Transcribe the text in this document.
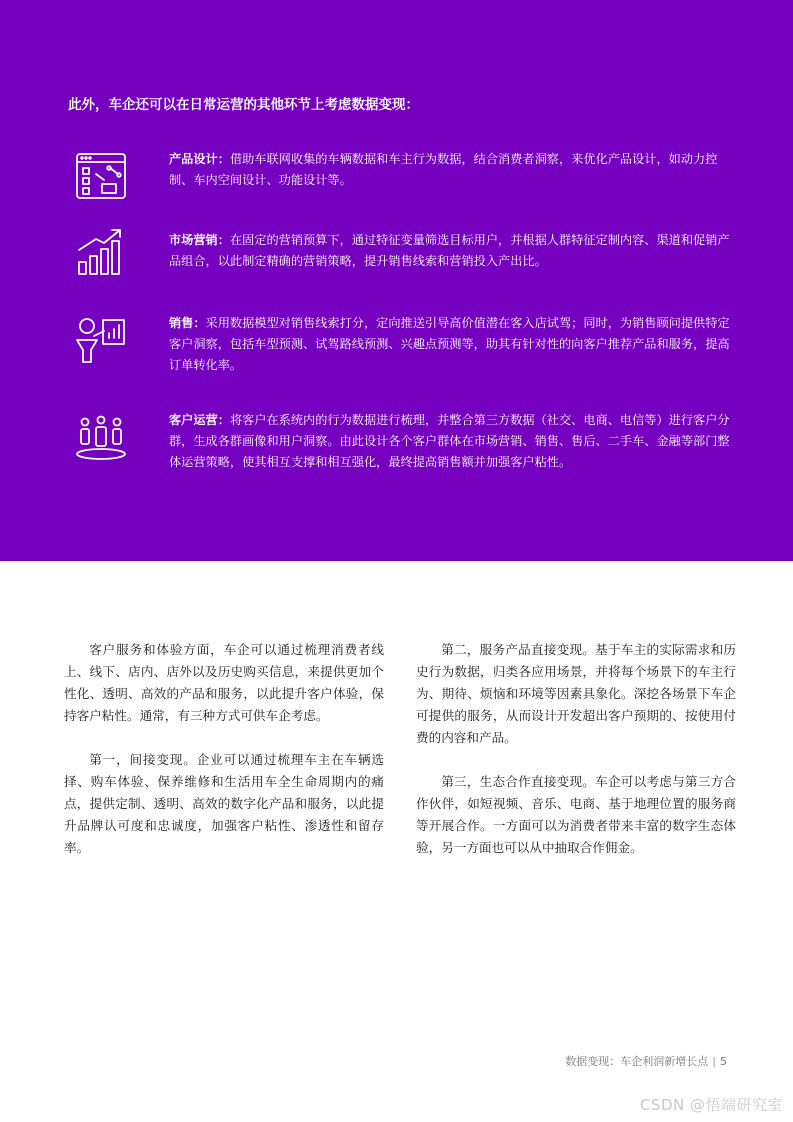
此外，车企还可以在日常运营的其他环节上考虑数据变现：
产品设计：借助车联网收集的车辆数据和车主行为数据，结合消费者洞察，来优化产品设计，如动力控制、车内空间设计、功能设计等。
市场营销：在固定的营销预算下，通过特征变量筛选目标用户，并根据人群特征定制内容、渠道和促销产品组合，以此制定精确的营销策略，提升销售线索和营销投入产出比。
销售：采用数据模型对销售线索打分，定向推送引导高价值潜在客入店试驾；同时，为销售顾问提供特定客户洞察，包括车型预测、试驾路线预测、兴趣点预测等，助其有针对性的向客户推荐产品和服务，提高订单转化率。
客户运营：将客户在系统内的行为数据进行梳理，并整合第三方数据（社交、电商、电信等）进行客户分群，生成各群画像和用户洞察。由此设计各个客户群体在市场营销、销售、售后、二手车、金融等部门整体运营策略，使其相互支撑和相互强化，最终提高销售额并加强客户粘性。

客户服务和体验方面，车企可以通过梳理消费者线上、线下、店内、店外以及历史购买信息，来提供更加个性化、透明、高效的产品和服务，以此提升客户体验，保持客户粘性。通常，有三种方式可供车企考虑。

第一，间接变现。企业可以通过梳理车主在车辆选择、购车体验、保养维修和生活用车全生命周期内的痛点，提供定制、透明、高效的数字化产品和服务，以此提升品牌认可度和忠诚度，加强客户粘性、渗透性和留存率。

第二，服务产品直接变现。基于车主的实际需求和历史行为数据，归类各应用场景，并将每个场景下的车主行为、期待、烦恼和环境等因素具象化。深挖各场景下车企可提供的服务，从而设计开发超出客户预期的、按使用付费的内容和产品。

第三，生态合作直接变现。车企可以考虑与第三方合作伙伴，如短视频、音乐、电商、基于地理位置的服务商等开展合作。一方面可以为消费者带来丰富的数字生态体验，另一方面也可以从中抽取合作佣金。

数据变现：车企利润新增长点 | 5
CSDN @悟端研究室
